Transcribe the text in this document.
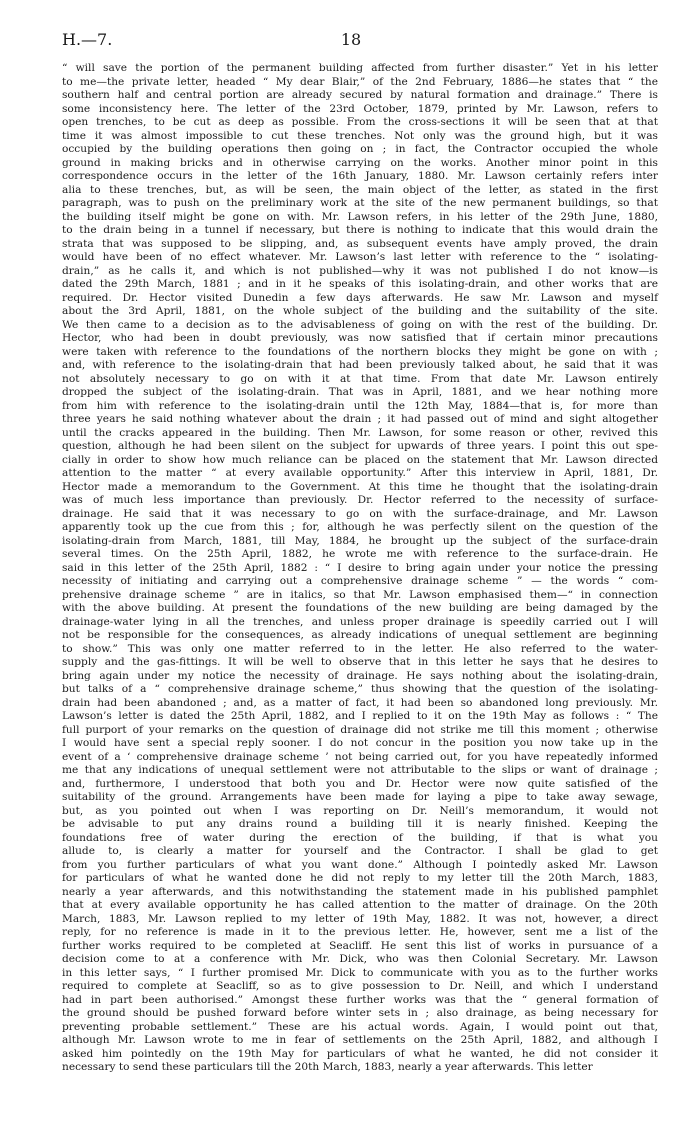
H.—7.	18
“ will save the portion of the permanent building affected from further disaster.” Yet in his letter
to me—the private letter, headed “ My dear Blair,” of the 2nd February, 1886—he states that “ the
southern half and central portion are already secured by natural formation and drainage.” There is
some inconsistency here. The letter of the 23rd October, 1879, printed by Mr. Lawson, refers to
open trenches, to be cut as deep as possible. From the cross-sections it will be seen that at that
time it was almost impossible to cut these trenches. Not only was the ground high, but it was
occupied by the building operations then going on ; in fact, the Contractor occupied the whole
ground in making bricks and in otherwise carrying on the works. Another minor point in this
correspondence occurs in the letter of the 16th January, 1880. Mr. Lawson certainly refers inter
alia to these trenches, but, as will be seen, the main object of the letter, as stated in the first
paragraph, was to push on the preliminary work at the site of the new permanent buildings, so that
the building itself might be gone on with. Mr. Lawson refers, in his letter of the 29th June, 1880,
to the drain being in a tunnel if necessary, but there is nothing to indicate that this would drain the
strata that was supposed to be slipping, and, as subsequent events have amply proved, the drain
would have been of no effect whatever. Mr. Lawson’s last letter with reference to the “ isolating-
drain,” as he calls it, and which is not published—why it was not published I do not know—is
dated the 29th March, 1881 ; and in it he speaks of this isolating-drain, and other works that are
required. Dr. Hector visited Dunedin a few days afterwards. He saw Mr. Lawson and myself
about the 3rd April, 1881, on the whole subject of the building and the suitability of the site.
We then came to a decision as to the advisableness of going on with the rest of the building. Dr.
Hector, who had been in doubt previously, was now satisfied that if certain minor precautions
were taken with reference to the foundations of the northern blocks they might be gone on with ;
and, with reference to the isolating-drain that had been previously talked about, he said that it was
not absolutely necessary to go on with it at that time. From that date Mr. Lawson entirely
dropped the subject of the isolating-drain. That was in April, 1881, and we hear nothing more
from him with reference to the isolating-drain until the 12th May, 1884—that is, for more than
three years he said nothing whatever about the drain ; it had passed out of mind and sight altogether
until the cracks appeared in the building. Then Mr. Lawson, for some reason or other, revived this
question, although he had been silent on the subject for upwards of three years. I point this out spe-
cially in order to show how much reliance can be placed on the statement that Mr. Lawson directed
attention to the matter “ at every available opportunity.” After this interview in April, 1881, Dr.
Hector made a memorandum to the Government. At this time he thought that the isolating-drain
was of much less importance than previously. Dr. Hector referred to the necessity of surface-
drainage. He said that it was necessary to go on with the surface-drainage, and Mr. Lawson
apparently took up the cue from this ; for, although he was perfectly silent on the question of the
isolating-drain from March, 1881, till May, 1884, he brought up the subject of the surface-drain
several times. On the 25th April, 1882, he wrote me with reference to the surface-drain. He
said in this letter of the 25th April, 1882 : “ I desire to bring again under your notice the pressing
necessity of initiating and carrying out a comprehensive drainage scheme ” — the words “ com-
prehensive drainage scheme ” are in italics, so that Mr. Lawson emphasised them—“ in connection
with the above building. At present the foundations of the new building are being damaged by the
drainage-water lying in all the trenches, and unless proper drainage is speedily carried out I will
not be responsible for the consequences, as already indications of unequal settlement are beginning
to show.” This was only one matter referred to in the letter. He also referred to the water-
supply and the gas-fittings. It will be well to observe that in this letter he says that he desires to
bring again under my notice the necessity of drainage. He says nothing about the isolating-drain,
but talks of a “ comprehensive drainage scheme,” thus showing that the question of the isolating-
drain had been abandoned ; and, as a matter of fact, it had been so abandoned long previously. Mr.
Lawson’s letter is dated the 25th April, 1882, and I replied to it on the 19th May as follows : “ The
full purport of your remarks on the question of drainage did not strike me till this moment ; otherwise
I would have sent a special reply sooner. I do not concur in the position you now take up in the
event of a ‘ comprehensive drainage scheme ’ not being carried out, for you have repeatedly informed
me that any indications of unequal settlement were not attributable to the slips or want of drainage ;
and, furthermore, I understood that both you and Dr. Hector were now quite satisfied of the
suitability of the ground. Arrangements have been made for laying a pipe to take away sewage,
but, as you pointed out when I was reporting on Dr. Neill’s memorandum, it would not
be advisable to put any drains round a building till it is nearly finished. Keeping the
foundations free of water during the erection of the building, if that is what you
allude to, is clearly a matter for yourself and the Contractor. I shall be glad to get
from you further particulars of what you want done.” Although I pointedly asked Mr. Lawson
for particulars of what he wanted done he did not reply to my letter till the 20th March, 1883,
nearly a year afterwards, and this notwithstanding the statement made in his published pamphlet
that at every available opportunity he has called attention to the matter of drainage. On the 20th
March, 1883, Mr. Lawson replied to my letter of 19th May, 1882. It was not, however, a direct
reply, for no reference is made in it to the previous letter. He, however, sent me a list of the
further works required to be completed at Seacliff. He sent this list of works in pursuance of a
decision come to at a conference with Mr. Dick, who was then Colonial Secretary. Mr. Lawson
in this letter says, “ I further promised Mr. Dick to communicate with you as to the further works
required to complete at Seacliff, so as to give possession to Dr. Neill, and which I understand
had in part been authorised.” Amongst these further works was that the “ general formation of
the ground should be pushed forward before winter sets in ; also drainage, as being necessary for
preventing probable settlement.” These are his actual words. Again, I would point out that,
although Mr. Lawson wrote to me in fear of settlements on the 25th April, 1882, and although I
asked him pointedly on the 19th May for particulars of what he wanted, he did not consider it
necessary to send these particulars till the 20th March, 1883, nearly a year afterwards. This letter
